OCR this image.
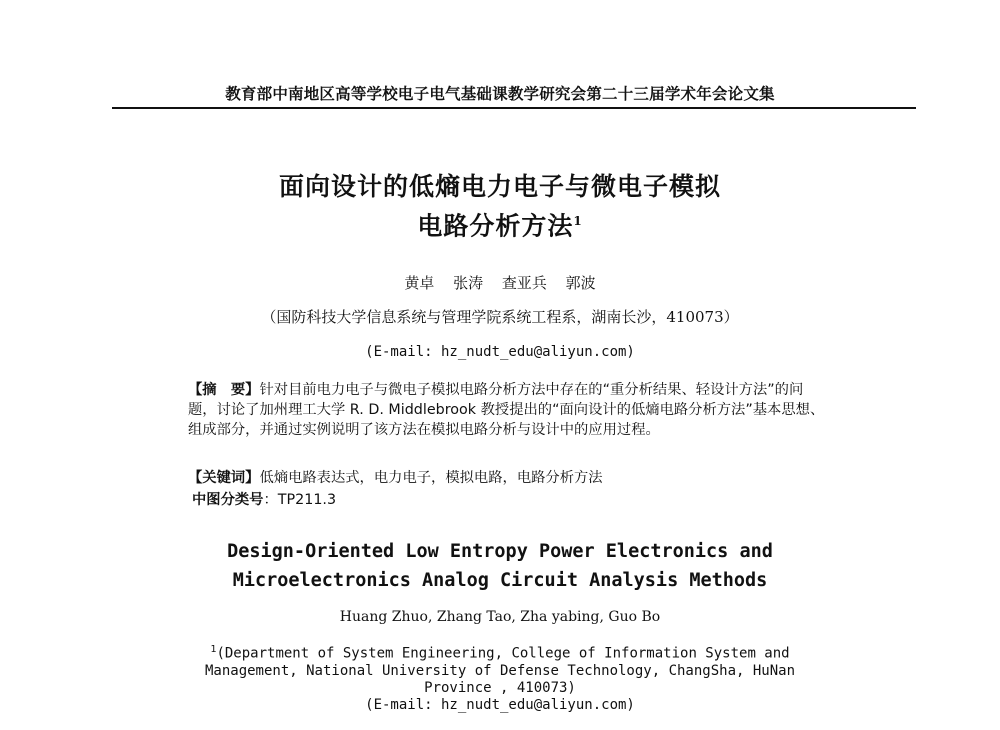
教育部中南地区高等学校电子电气基础课教学研究会第二十三届学术年会论文集
面向设计的低熵电力电子与微电子模拟
电路分析方法$^1$
黄卓 张涛 查亚兵 郭波
（国防科技大学信息系统与管理学院系统工程系，湖南长沙，410073）
(E-mail: hz_nudt_edu@aliyun.com)
【摘　要】针对目前电力电子与微电子模拟电路分析方法中存在的“重分析结果、轻设计方法”的问题，讨论了加州理工大学 R. D. Middlebrook 教授提出的“面向设计的低熵电路分析方法”基本思想、组成部分，并通过实例说明了该方法在模拟电路分析与设计中的应用过程。
【关键词】低熵电路表达式，电力电子，模拟电路，电路分析方法
中图分类号：TP211.3
Design-Oriented Low Entropy Power Electronics and
Microelectronics Analog Circuit Analysis Methods
Huang Zhuo, Zhang Tao, Zha yabing, Guo Bo
$^1$(Department of System Engineering, College of Information System and
Management, National University of Defense Technology, ChangSha, HuNan
Province , 410073)
(E-mail: hz_nudt_edu@aliyun.com)
